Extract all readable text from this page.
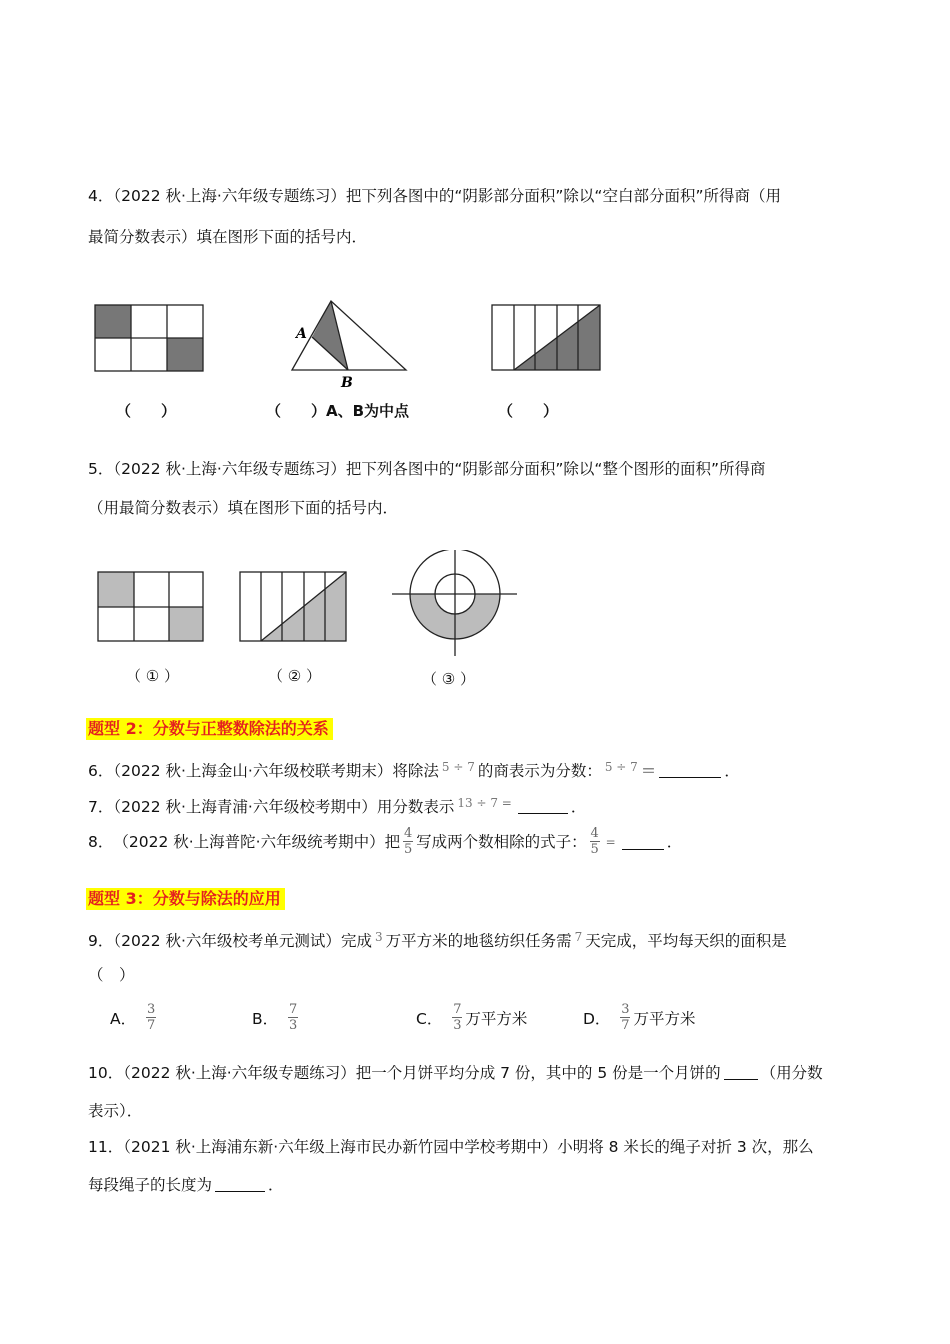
4．（2022 秋·上海·六年级专题练习）把下列各图中的“阴影部分面积”除以“空白部分面积”所得商（用
最简分数表示）填在图形下面的括号内．
A
B
（　　）	（　　）A、B为中点	（　　）
5．（2022 秋·上海·六年级专题练习）把下列各图中的“阴影部分面积”除以“整个图形的面积”所得商
（用最简分数表示）填在图形下面的括号内．
（ ① ）	（ ② ）	（ ③ ）
题型 2：分数与正整数除法的关系
6．（2022 秋·上海金山·六年级校联考期末）将除法 $^{5 \div 7}$ 的商表示为分数： $^{5 \div 7}$ ＝	．
7．（2022 秋·上海青浦·六年级校考期中）用分数表示 $^{13 \div 7 =}$	．
8． （2022 秋·上海普陀·六年级统考期中） 把 $\frac{4}{5}$ 写成两个数相除的式子： $\frac{4}{5}$ =	．
题型 3：分数与除法的应用
9．（2022 秋·六年级校考单元测试）完成 $^3$ 万平方米的地毯纺织任务需 $^7$ 天完成，平均每天织的面积是
（　）
A． $\frac{3}{7}$	B． $\frac{7}{3}$	C． $\frac{7}{3}$ 万平方米	D． $\frac{3}{7}$ 万平方米
10．（2022 秋·上海·六年级专题练习）把一个月饼平均分成 7 份，其中的 5 份是一个月饼的	（用分数
表示）．
11．（2021 秋·上海浦东新·六年级上海市民办新竹园中学校考期中）小明将 8 米长的绳子对折 3 次，那么
每段绳子的长度为	．
